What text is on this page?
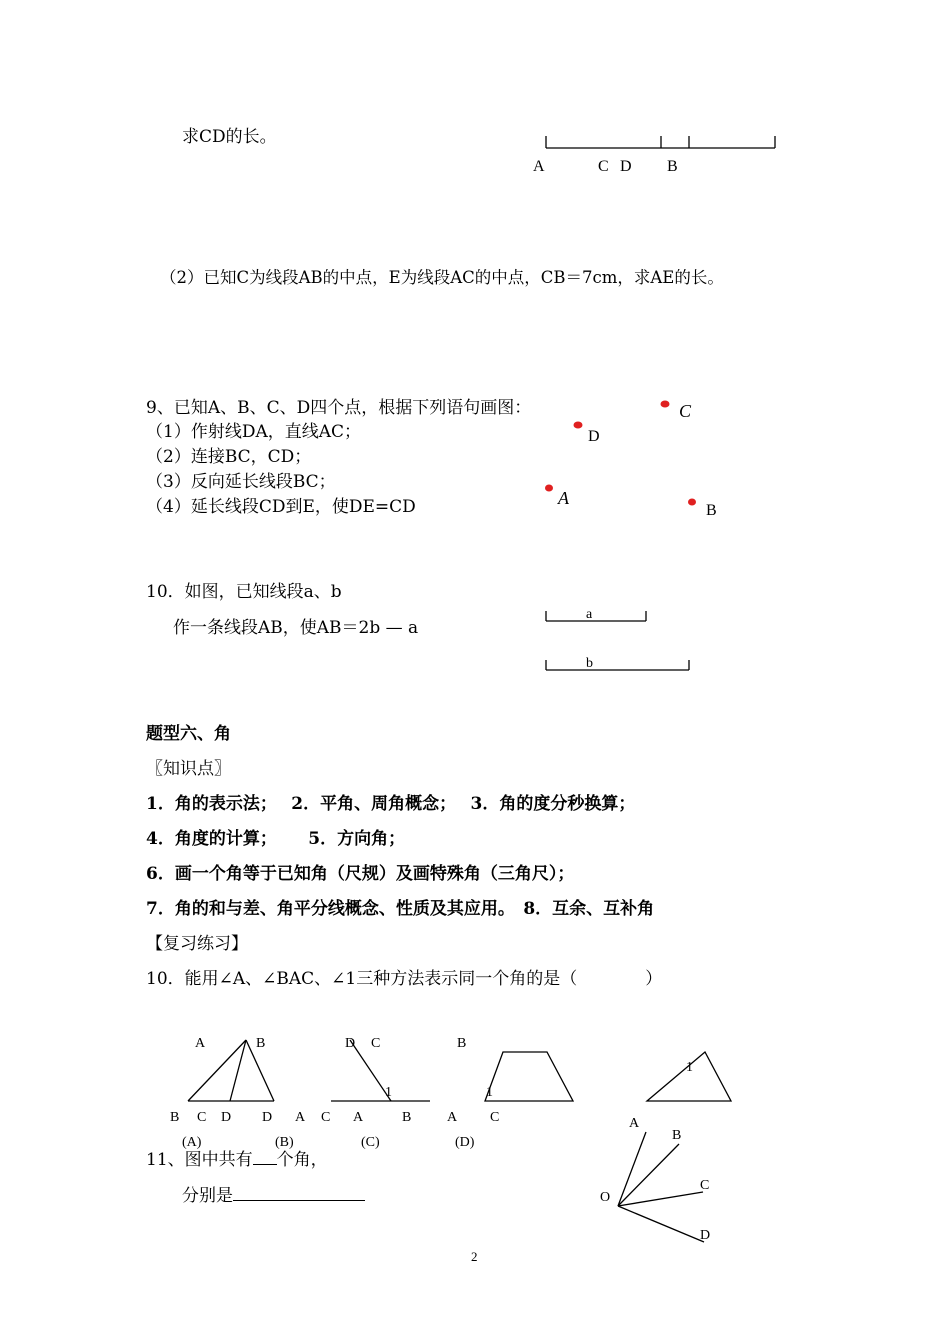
求CD的长。
A	C D B
（2）已知C为线段AB的中点，E为线段AC的中点，CB＝7cm，求AE的长。
9、已知A、B、C、D四个点，根据下列语句画图：
（1）作射线DA，直线AC；
（2）连接BC，CD；
（3）反向延长线段BC；
（4）延长线段CD到E，使DE=CD
C
D
A
B
10．如图，已知线段a、b
作一条线段AB，使AB＝2b — a
a
b
题型六、角
〖知识点〗
1．角的表示法；　 2．平角、周角概念；　 3．角的度分秒换算；
4．角度的计算；　　 5．方向角；
6．画一个角等于已知角（尺规）及画特殊角（三角尺）；
7．角的和与差、角平分线概念、性质及其应用。　8．互余、互补角
【复习练习】
10．能用∠A、∠BAC、∠1三种方法表示同一个角的是（　　　　）
A	B	D C	B
1	1
1
B C D D A C A	B	A C
(A)	(B)	(C)	(D)
11、图中共有 个角，
分别是
A
B
C
D
O
2
